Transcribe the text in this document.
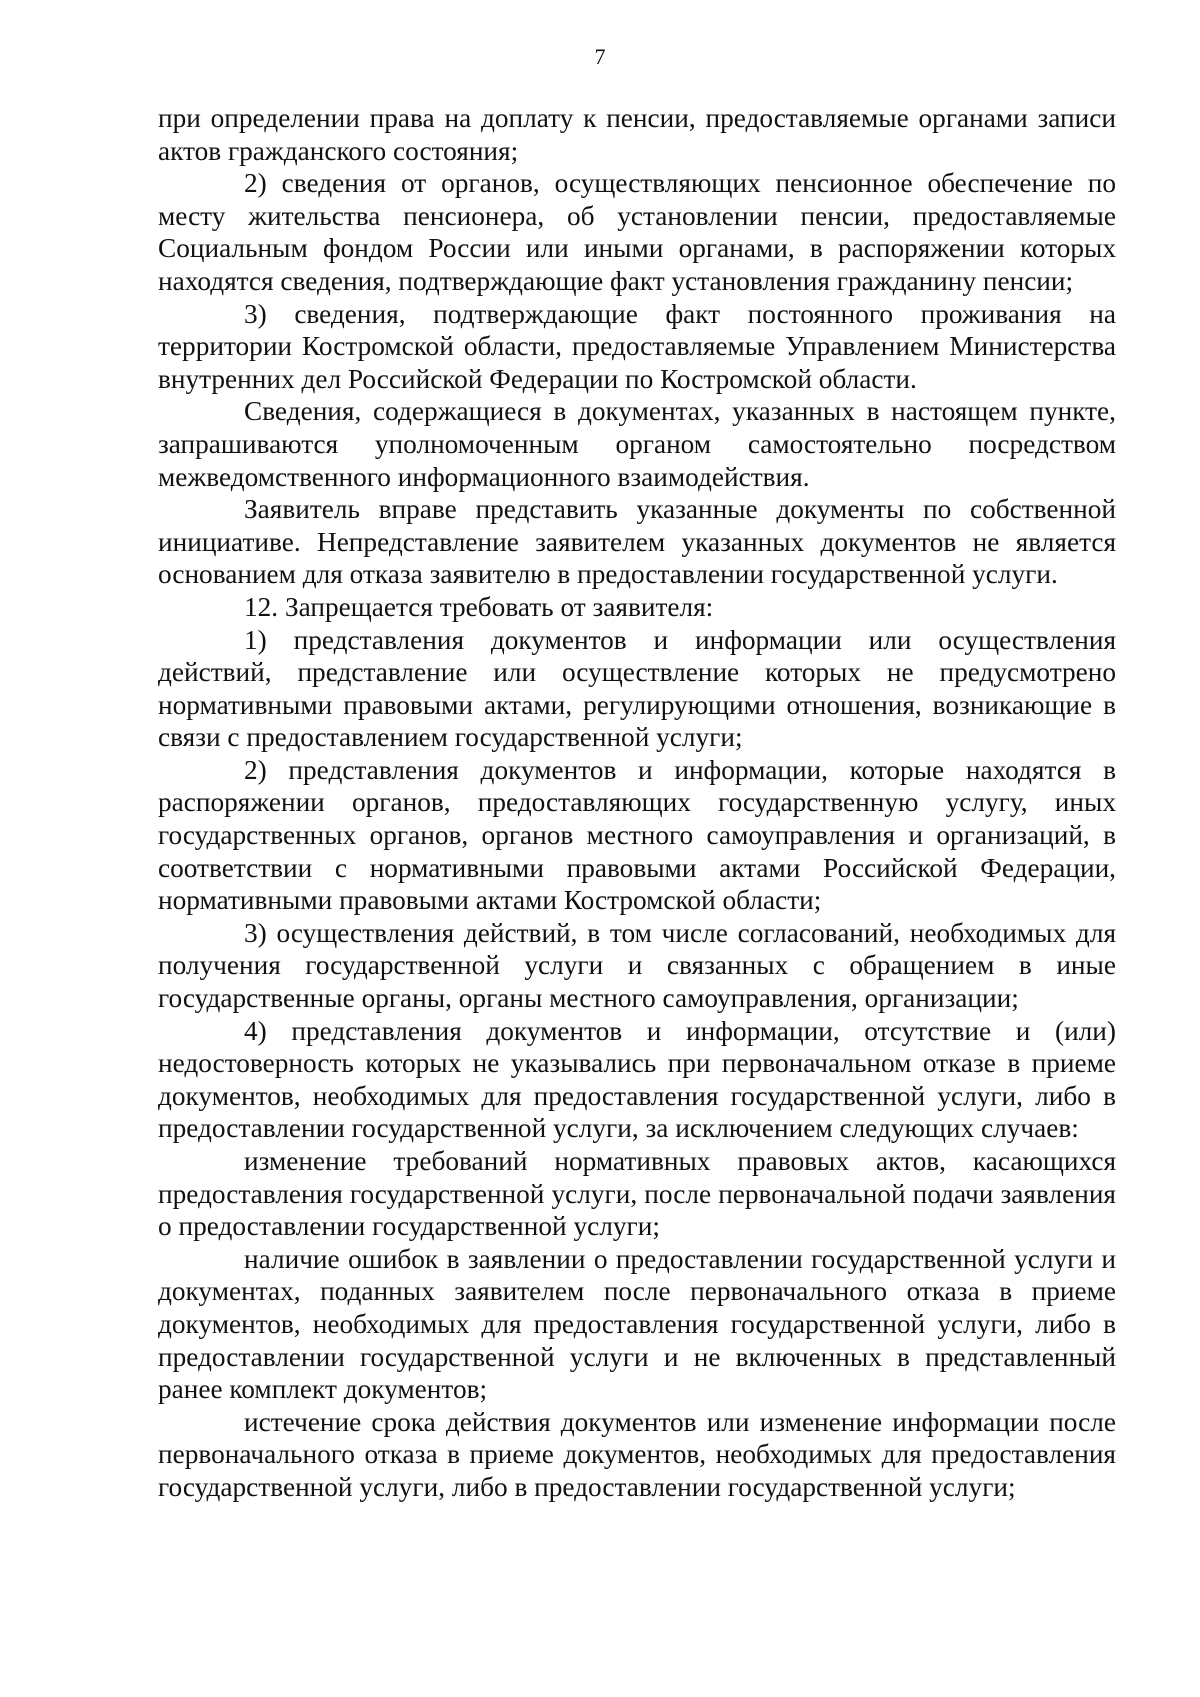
7

при определении права на доплату к пенсии, предоставляемые органами записи актов гражданского состояния;

2) сведения от органов, осуществляющих пенсионное обеспечение по месту жительства пенсионера, об установлении пенсии, предоставляемые Социальным фондом России или иными органами, в распоряжении которых находятся сведения, подтверждающие факт установления гражданину пенсии;

3) сведения, подтверждающие факт постоянного проживания на территории Костромской области, предоставляемые Управлением Министерства внутренних дел Российской Федерации по Костромской области.

Сведения, содержащиеся в документах, указанных в настоящем пункте, запрашиваются уполномоченным органом самостоятельно посредством межведомственного информационного взаимодействия.

Заявитель вправе представить указанные документы по собственной инициативе. Непредставление заявителем указанных документов не является основанием для отказа заявителю в предоставлении государственной услуги.

12. Запрещается требовать от заявителя:

1) представления документов и информации или осуществления действий, представление или осуществление которых не предусмотрено нормативными правовыми актами, регулирующими отношения, возникающие в связи с предоставлением государственной услуги;

2) представления документов и информации, которые находятся в распоряжении органов, предоставляющих государственную услугу, иных государственных органов, органов местного самоуправления и организаций, в соответствии с нормативными правовыми актами Российской Федерации, нормативными правовыми актами Костромской области;

3) осуществления действий, в том числе согласований, необходимых для получения государственной услуги и связанных с обращением в иные государственные органы, органы местного самоуправления, организации;

4) представления документов и информации, отсутствие и (или) недостоверность которых не указывались при первоначальном отказе в приеме документов, необходимых для предоставления государственной услуги, либо в предоставлении государственной услуги, за исключением следующих случаев:

изменение требований нормативных правовых актов, касающихся предоставления государственной услуги, после первоначальной подачи заявления о предоставлении государственной услуги;

наличие ошибок в заявлении о предоставлении государственной услуги и документах, поданных заявителем после первоначального отказа в приеме документов, необходимых для предоставления государственной услуги, либо в предоставлении государственной услуги и не включенных в представленный ранее комплект документов;

истечение срока действия документов или изменение информации после первоначального отказа в приеме документов, необходимых для предоставления государственной услуги, либо в предоставлении государственной услуги;
